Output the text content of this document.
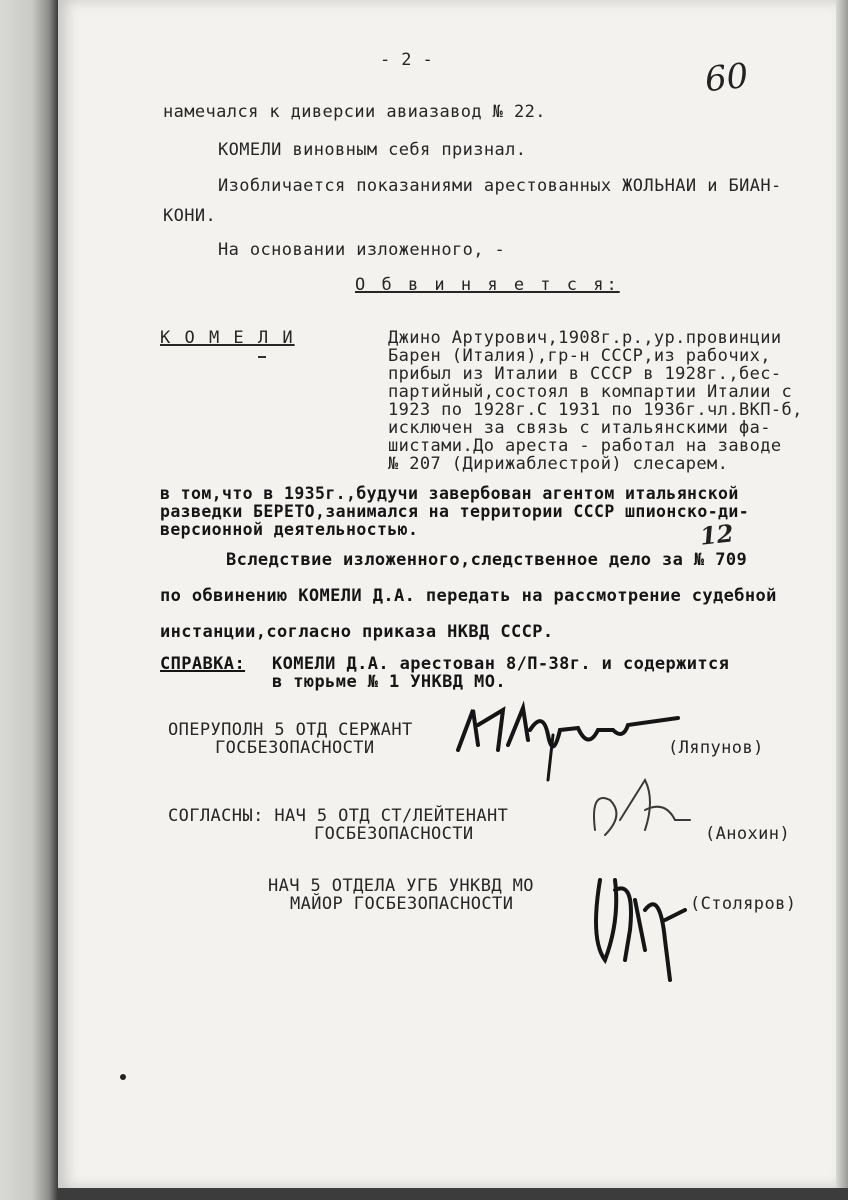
- 2 -	60
намечался к диверсии авиазавод № 22.
КОМЕЛИ виновным себя признал.
Изобличается показаниями арестованных ЖОЛЬНАИ и БИАН-
КОНИ.
На основании изложенного, -
О б в и н я е т с я:
К О М Е Л И	Джино Артурович,1908г.р.,ур.провинции
Барен (Италия),гр-н СССР,из рабочих,
прибыл из Италии в СССР в 1928г.,бес-
партийный,состоял в компартии Италии с
1923 по 1928г.С 1931 по 1936г.чл.ВКП-б,
исключен за связь с итальянскими фа-
шистами.До ареста - работал на заводе
№ 207 (Дирижаблестрой) слесарем.
в том,что в 1935г.,будучи завербован агентом итальянской
разведки БЕРЕТО,занимался на территории СССР шпионско-ди-
версионной деятельностью.
Вследствие изложенного,следственное дело за № 709
по обвинению КОМЕЛИ Д.А. передать на рассмотрение судебной
инстанции,согласно приказа НКВД СССР.
12
СПРАВКА: КОМЕЛИ Д.А. арестован 8/П-38г. и содержится
в тюрьме № 1 УНКВД МО.
ОПЕРУПОЛН 5 ОТД СЕРЖАНТ
ГОСБЕЗОПАСНОСТИ	(Ляпунов)
СОГЛАСНЫ: НАЧ 5 ОТД СТ/ЛЕЙТЕНАНТ
ГОСБЕЗОПАСНОСТИ	(Анохин)
НАЧ 5 ОТДЕЛА УГБ УНКВД МО
МАЙОР ГОСБЕЗОПАСНОСТИ	(Столяров)
